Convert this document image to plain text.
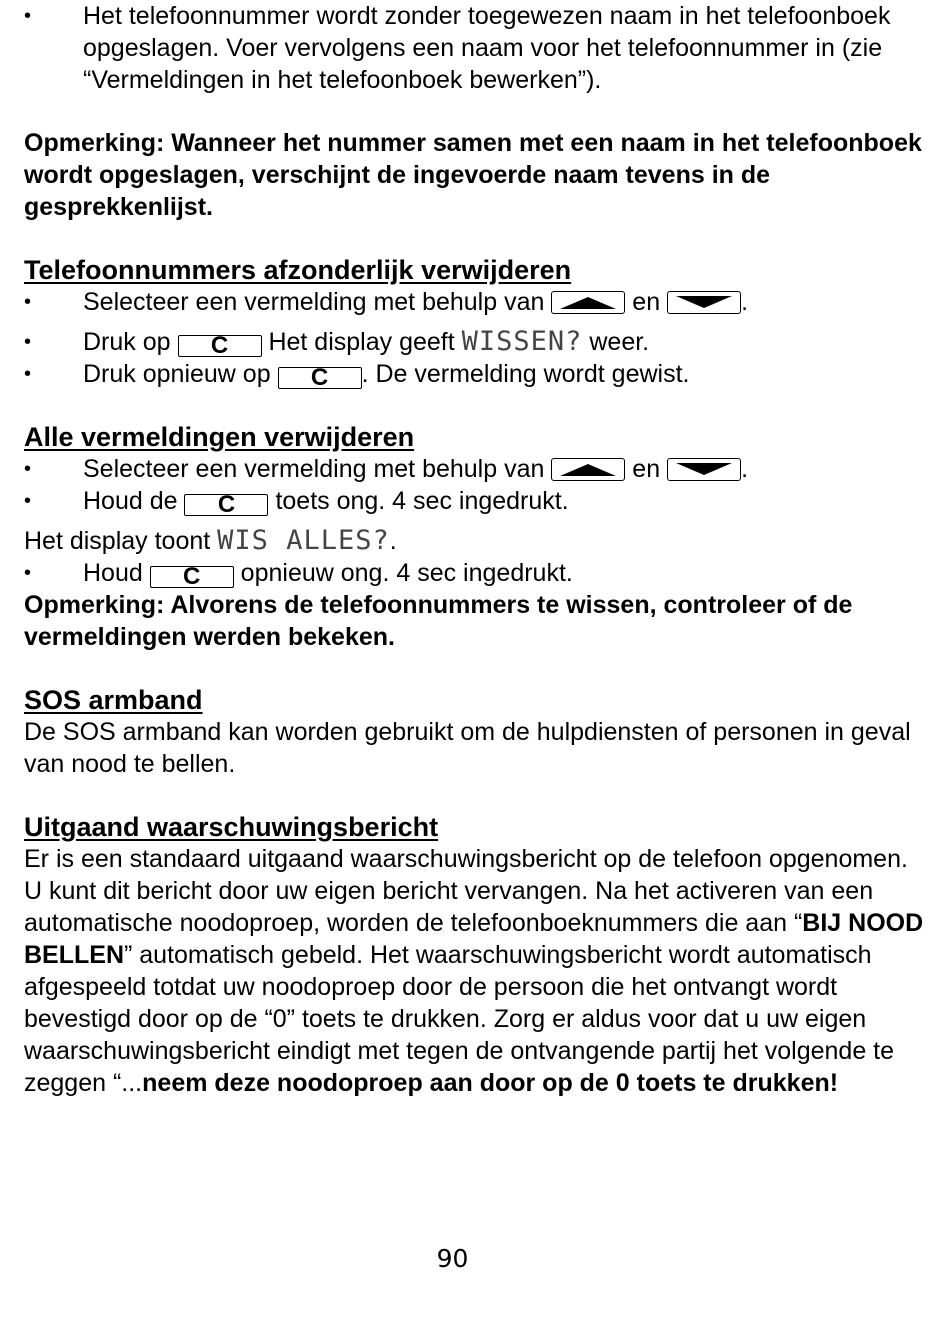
•	Het telefoonnummer wordt zonder toegewezen naam in het telefoonboek opgeslagen. Voer vervolgens een naam voor het telefoonnummer in (zie “Vermeldingen in het telefoonboek bewerken”).

Opmerking: Wanneer het nummer samen met een naam in het telefoonboek wordt opgeslagen, verschijnt de ingevoerde naam tevens in de gesprekkenlijst.

Telefoonnummers afzonderlijk verwijderen

•	Selecteer een vermelding met behulp van	en	.

•	Druk op C Het display geeft WISSEN? weer.

•	Druk opnieuw op C . De vermelding wordt gewist.

Alle vermeldingen verwijderen

•	Selecteer een vermelding met behulp van	en	.

•	Houd de C toets ong. 4 sec ingedrukt.

Het display toont WIS ALLES?.

•	Houd C opnieuw ong. 4 sec ingedrukt.

Opmerking: Alvorens de telefoonnummers te wissen, controleer of de vermeldingen werden bekeken.

SOS armband

De SOS armband kan worden gebruikt om de hulpdiensten of personen in geval van nood te bellen.

Uitgaand waarschuwingsbericht

Er is een standaard uitgaand waarschuwingsbericht op de telefoon opgenomen.

U kunt dit bericht door uw eigen bericht vervangen. Na het activeren van een automatische noodoproep, worden de telefoonboeknummers die aan “BIJ NOOD BELLEN” automatisch gebeld. Het waarschuwingsbericht wordt automatisch afgespeeld totdat uw noodoproep door de persoon die het ontvangt wordt bevestigd door op de “0” toets te drukken. Zorg er aldus voor dat u uw eigen waarschuwingsbericht eindigt met tegen de ontvangende partij het volgende te zeggen “...neem deze noodoproep aan door op de 0 toets te drukken!

90
